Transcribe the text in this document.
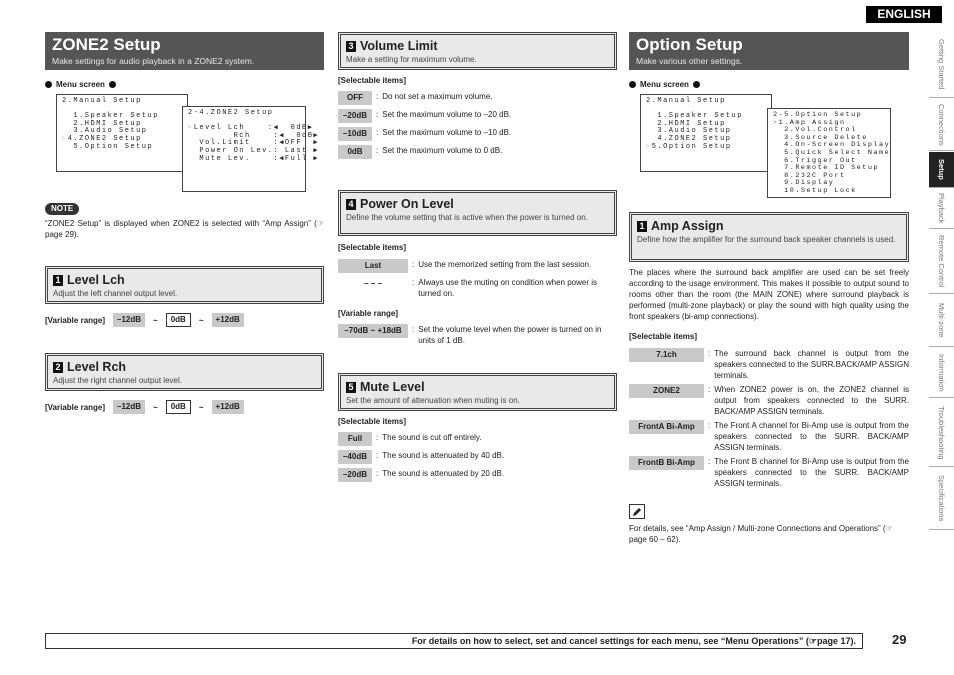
ENGLISH
Getting Started
Connections
Setup
Playback
Remote Control
Multi-zone
Information
Troubleshooting
Specifications
ZONE2 Setup
Make settings for audio playback in a ZONE2 system.
Menu screen
2.Manual Setup

1.Speaker Setup
2.HDMI Setup
3.Audio Setup
☞4.ZONE2 Setup
5.Option Setup
2-4.ZONE2 Setup

☞Level Lch    :◀  0dB▶
Rch    :◀  0dB▶
Vol.Limit    :◀OFF  ▶
Power On Lev.: Last ▶
Mute Lev.    :◀Full ▶
NOTE
“ZONE2 Setup” is displayed when ZONE2 is selected with “Amp Assign” (☞page 29).
1 Level Lch
Adjust the left channel output level.
[Variable range]	–12dB	~	0dB	~	+12dB
2 Level Rch
Adjust the right channel output level.
[Variable range]	–12dB	~	0dB	~	+12dB
3 Volume Limit
Make a setting for maximum volume.
[Selectable items]
OFF	: Do not set a maximum volume.
–20dB	: Set the maximum volume to –20 dB.
–10dB	: Set the maximum volume to –10 dB.
0dB	: Set the maximum volume to 0 dB.
4 Power On Level
Define the volume setting that is active when the power is turned on.
[Selectable items]
Last	: Use the memorized setting from the last session.
– – –	: Always use the muting on condition when power is turned on.
[Variable range]
–70dB ~ +18dB	: Set the volume level when the power is turned on in units of 1 dB.
5 Mute Level
Set the amount of attenuation when muting is on.
[Selectable items]
Full	: The sound is cut off entirely.
–40dB	: The sound is attenuated by 40 dB.
–20dB	: The sound is attenuated by 20 dB.
Option Setup
Make various other settings.
Menu screen
2.Manual Setup

1.Speaker Setup
2.HDMI Setup
3.Audio Setup
4.ZONE2 Setup
☞5.Option Setup
2-5.Option Setup
☞1.Amp Assign
2.Vol.Control
3.Source Delete
4.On-Screen Display
5.Quick Select Name
6.Trigger Out
7.Remote ID Setup
8.232C Port
9.Display
10.Setup Lock
1 Amp Assign
Define how the amplifier for the surround back speaker channels is used.
The places where the surround back amplifier are used can be set freely according to the usage environment. This makes it possible to output sound to rooms other than the room (the MAIN ZONE) where surround playback is performed (multi-zone playback) or play the sound with high quality using the front speakers (bi-amp connections).
[Selectable items]
7.1ch	: The surround back channel is output from the speakers connected to the SURR.BACK/AMP ASSIGN terminals.
ZONE2	: When ZONE2 power is on, the ZONE2 channel is output from speakers connected to the SURR. BACK/AMP ASSIGN terminals.
FrontA Bi-Amp	: The Front A channel for Bi-Amp use is output from the speakers connected to the SURR. BACK/AMP ASSIGN terminals.
FrontB Bi-Amp	: The Front B channel for Bi-Amp use is output from the speakers connected to the SURR. BACK/AMP ASSIGN terminals.
For details, see “Amp Assign / Multi-zone Connections and Operations” (☞page 60 – 62).
For details on how to select, set and cancel settings for each menu, see “Menu Operations” (☞page 17).	29
